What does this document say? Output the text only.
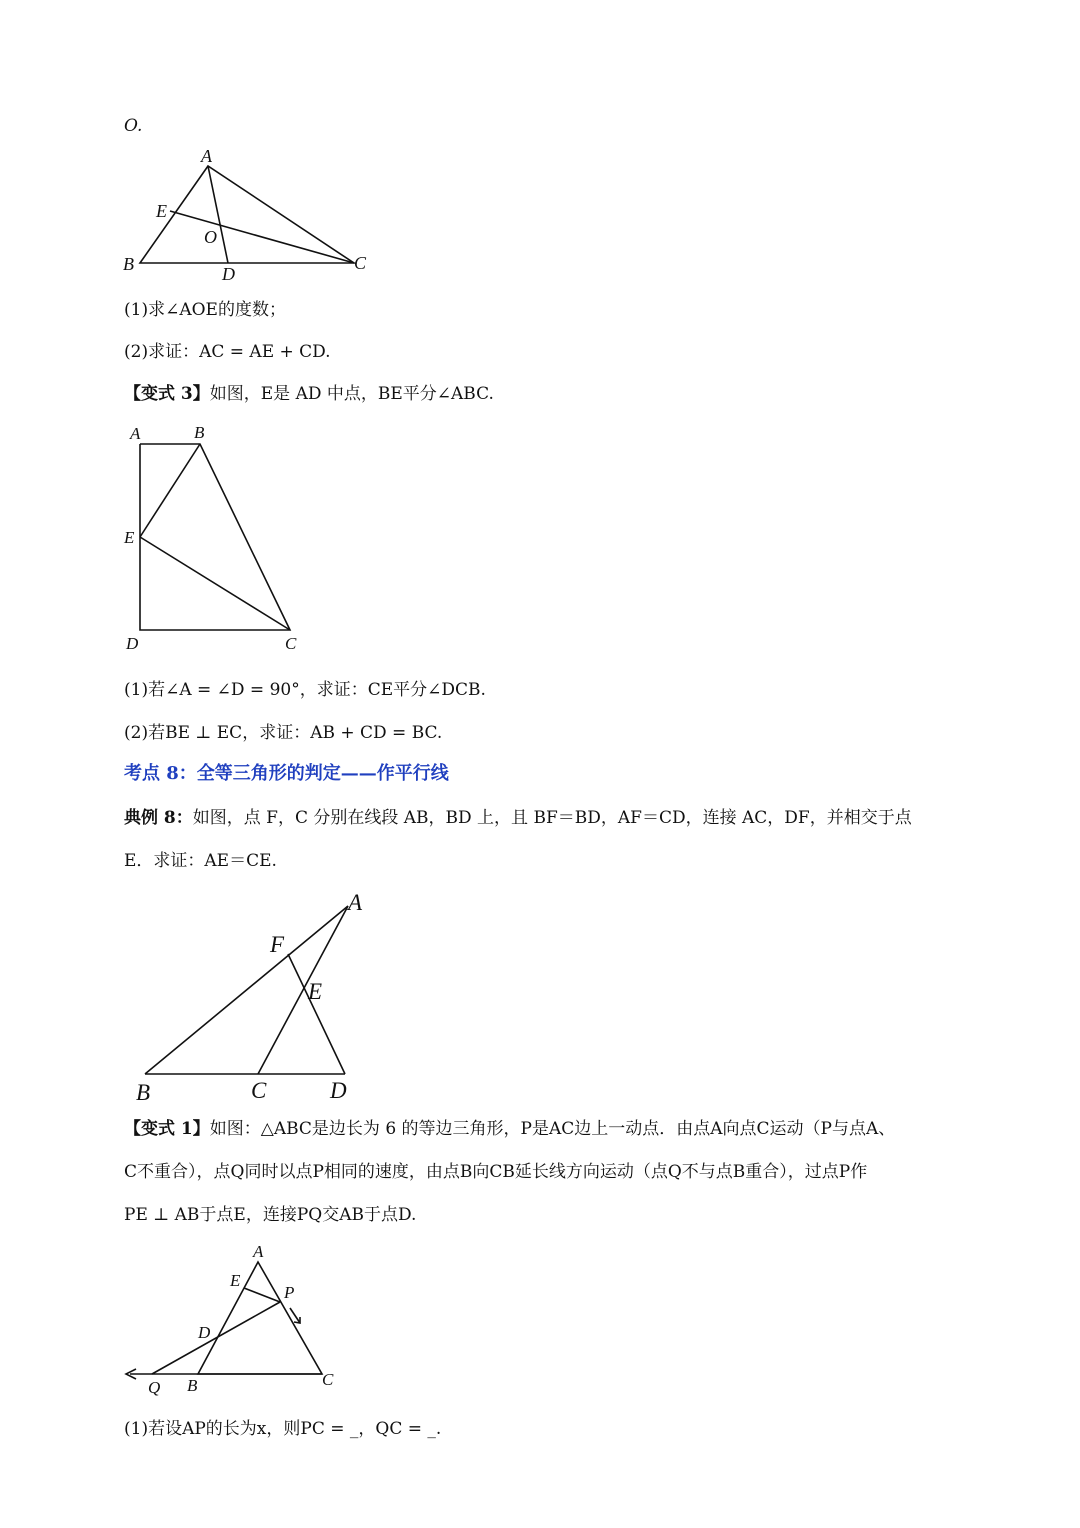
O.
A
E
O
B	D
C
(1)求∠AOE的度数；
(2)求证：AC = AE + CD.
【变式 3】如图，E是 AD 中点，BE平分∠ABC.
A	B
E
D	C
(1)若∠A = ∠D = 90°，求证：CE平分∠DCB.
(2)若BE ⊥ EC，求证：AB + CD = BC.
考点 8：全等三角形的判定——作平行线
典例 8：如图，点 F，C 分别在线段 AB，BD 上，且 BF＝BD，AF＝CD，连接 AC，DF，并相交于点
E．求证：AE＝CE.
A
F
E
B	C	D
【变式 1】如图：△ABC是边长为 6 的等边三角形，P是AC边上一动点．由点A向点C运动（P与点A、
C不重合），点Q同时以点P相同的速度，由点B向CB延长线方向运动（点Q不与点B重合），过点P作
PE ⊥ AB于点E，连接PQ交AB于点D.
A
E
P
D
Q B	C
(1)若设AP的长为x，则PC = _，QC = _.
